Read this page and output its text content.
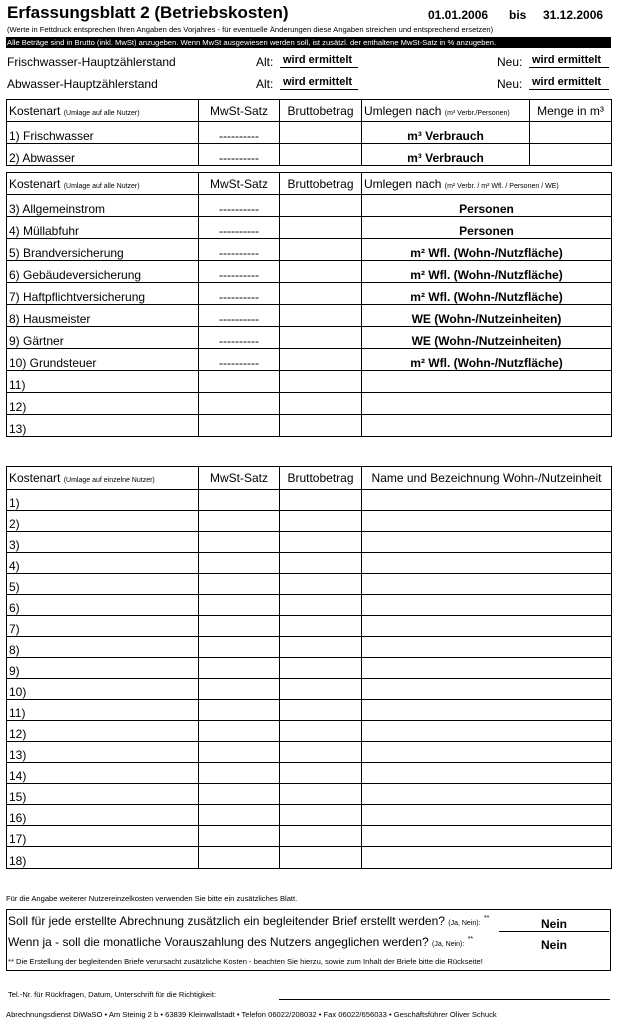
Erfassungsblatt 2 (Betriebskosten)	01.01.2006 bis 31.12.2006
(Werte in Fettdruck entsprechen Ihren Angaben des Vorjahres - für eventuelle Änderungen diese Angaben streichen und entsprechend ersetzen)
Alle Beträge sind in Brutto (inkl. MwSt) anzugeben. Wenn MwSt ausgewiesen werden soll, ist zusätzl. der enthaltene MwSt-Satz in % anzugeben.
Frischwasser-Hauptzählerstand	Alt: wird ermittelt	Neu: wird ermittelt
Abwasser-Hauptzählerstand	Alt: wird ermittelt	Neu: wird ermittelt
Kostenart (Umlage auf alle Nutzer)	MwSt-Satz	Bruttobetrag	Umlegen nach (m³ Verbr./Personen)	Menge in m³
1) Frischwasser	----------		m³ Verbrauch	
2) Abwasser	----------		m³ Verbrauch	
Kostenart (Umlage auf alle Nutzer)	MwSt-Satz	Bruttobetrag	Umlegen nach (m² Verbr. / m² Wfl. / Personen / WE)
3) Allgemeinstrom	----------		Personen
4) Müllabfuhr	----------		Personen
5) Brandversicherung	----------		m² Wfl. (Wohn-/Nutzfläche)
6) Gebäudeversicherung	----------		m² Wfl. (Wohn-/Nutzfläche)
7) Haftpflichtversicherung	----------		m² Wfl. (Wohn-/Nutzfläche)
8) Hausmeister	----------		WE (Wohn-/Nutzeinheiten)
9) Gärtner	----------		WE (Wohn-/Nutzeinheiten)
10) Grundsteuer	----------		m² Wfl. (Wohn-/Nutzfläche)
11)			
12)			
13)			
Kostenart (Umlage auf einzelne Nutzer)	MwSt-Satz	Bruttobetrag	Name und Bezeichnung Wohn-/Nutzeinheit
1)			
2)			
3)			
4)			
5)			
6)			
7)			
8)			
9)			
10)			
11)			
12)			
13)			
14)			
15)			
16)			
17)			
18)			
Für die Angabe weiterer Nutzereinzelkosten verwenden Sie bitte ein zusätzliches Blatt.
Soll für jede erstellte Abrechnung zusätzlich ein begleitender Brief erstellt werden? (Ja, Nein): **	Nein
Wenn ja - soll die monatliche Vorauszahlung des Nutzers angeglichen werden? (Ja, Nein): **	Nein
** Die Erstellung der begleitenden Briefe verursacht zusätzliche Kosten - beachten Sie hierzu, sowie zum Inhalt der Briefe bitte die Rückseite!
Tel.-Nr. für Rückfragen, Datum, Unterschrift für die Richtigkeit:
Abrechnungsdienst DiWaSO • Am Steinig 2 b • 63839 Kleinwallstadt • Telefon 06022/208032 • Fax 06022/656033 • Geschäftsführer Oliver Schuck
